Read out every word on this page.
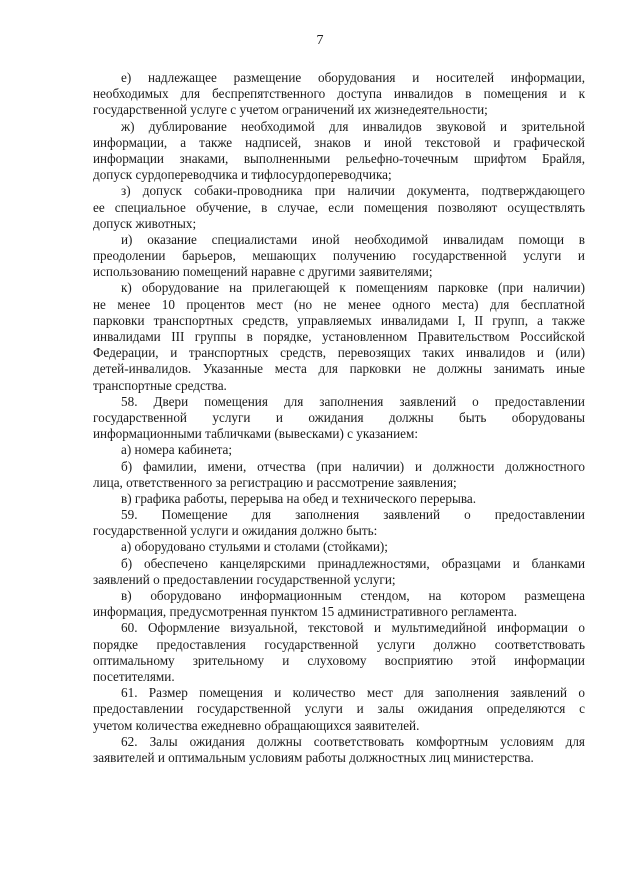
7
е) надлежащее размещение оборудования и носителей информации,
необходимых для беспрепятственного доступа инвалидов в помещения и к
государственной услуге с учетом ограничений их жизнедеятельности;
ж) дублирование необходимой для инвалидов звуковой и зрительной
информации, а также надписей, знаков и иной текстовой и графической
информации знаками, выполненными рельефно-точечным шрифтом Брайля,
допуск сурдопереводчика и тифлосурдопереводчика;
з) допуск собаки-проводника при наличии документа, подтверждающего
ее специальное обучение, в случае, если помещения позволяют осуществлять
допуск животных;
и) оказание специалистами иной необходимой инвалидам помощи в
преодолении барьеров, мешающих получению государственной услуги и
использованию помещений наравне с другими заявителями;
к) оборудование на прилегающей к помещениям парковке (при наличии)
не менее 10 процентов мест (но не менее одного места) для бесплатной
парковки транспортных средств, управляемых инвалидами I, II групп, а также
инвалидами III группы в порядке, установленном Правительством Российской
Федерации, и транспортных средств, перевозящих таких инвалидов и (или)
детей-инвалидов. Указанные места для парковки не должны занимать иные
транспортные средства.
58. Двери помещения для заполнения заявлений о предоставлении
государственной услуги и ожидания должны быть оборудованы
информационными табличками (вывесками) с указанием:
а) номера кабинета;
б) фамилии, имени, отчества (при наличии) и должности должностного
лица, ответственного за регистрацию и рассмотрение заявления;
в) графика работы, перерыва на обед и технического перерыва.
59. Помещение для заполнения заявлений о предоставлении
государственной услуги и ожидания должно быть:
а) оборудовано стульями и столами (стойками);
б) обеспечено канцелярскими принадлежностями, образцами и бланками
заявлений о предоставлении государственной услуги;
в) оборудовано информационным стендом, на котором размещена
информация, предусмотренная пунктом 15 административного регламента.
60. Оформление визуальной, текстовой и мультимедийной информации о
порядке предоставления государственной услуги должно соответствовать
оптимальному зрительному и слуховому восприятию этой информации
посетителями.
61. Размер помещения и количество мест для заполнения заявлений о
предоставлении государственной услуги и залы ожидания определяются с
учетом количества ежедневно обращающихся заявителей.
62. Залы ожидания должны соответствовать комфортным условиям для
заявителей и оптимальным условиям работы должностных лиц министерства.
